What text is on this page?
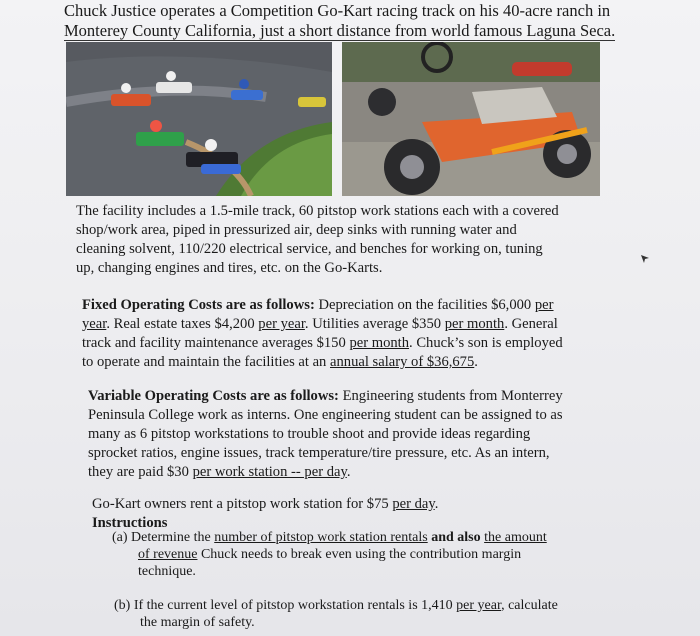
Chuck Justice operates a Competition Go-Kart racing track on his 40-acre ranch in
Monterey County California, just a short distance from world famous Laguna Seca.
The facility includes a 1.5-mile track, 60 pitstop work stations each with a covered
shop/work area, piped in pressurized air, deep sinks with running water and
cleaning solvent, 110/220 electrical service, and benches for working on, tuning
up, changing engines and tires, etc. on the Go-Karts.
Fixed Operating Costs are as follows: Depreciation on the facilities $6,000 per
year. Real estate taxes $4,200 per year. Utilities average $350 per month. General
track and facility maintenance averages $150 per month. Chuck’s son is employed
to operate and maintain the facilities at an annual salary of $36,675.
Variable Operating Costs are as follows: Engineering students from Monterrey
Peninsula College work as interns. One engineering student can be assigned to as
many as 6 pitstop workstations to trouble shoot and provide ideas regarding
sprocket ratios, engine issues, track temperature/tire pressure, etc. As an intern,
they are paid $30 per work station -- per day.
Go-Kart owners rent a pitstop work station for $75 per day.
Instructions
(a) Determine the number of pitstop work station rentals and also the amount
of revenue Chuck needs to break even using the contribution margin technique.
(b) If the current level of pitstop workstation rentals is 1,410 per year, calculate
the margin of safety.
